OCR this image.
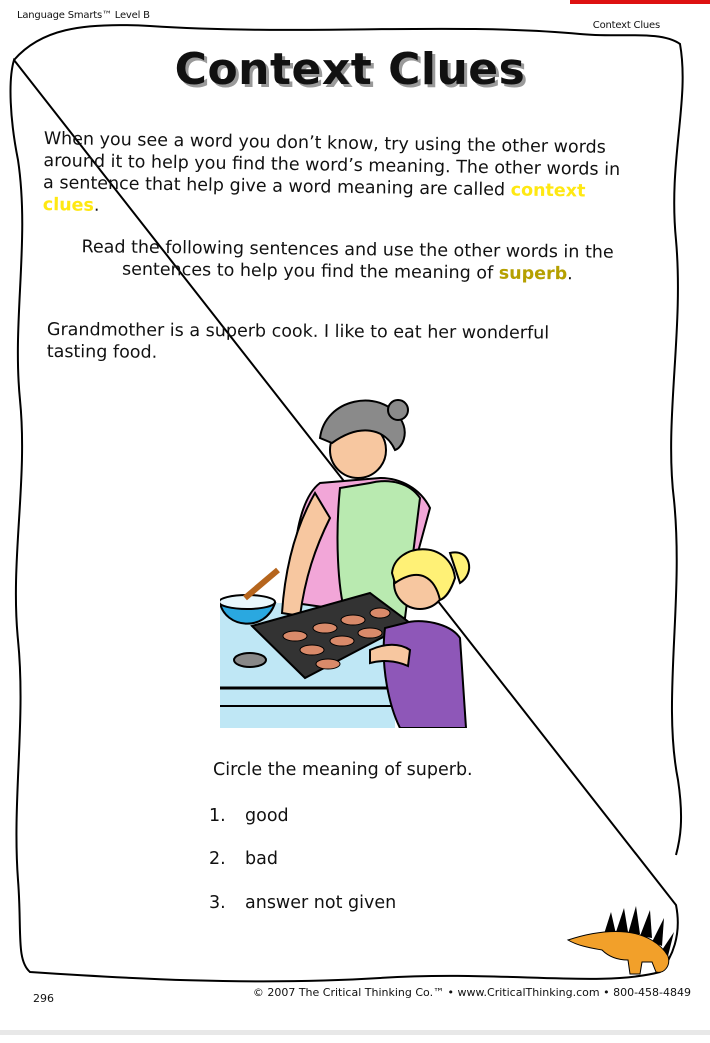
Language Smarts™ Level B
Context Clues
Context Clues
When you see a word you don’t know, try using the other words around it to help you find the word’s meaning. The other words in a sentence that help give a word meaning are called context clues.
Read the following sentences and use the other words in the sentences to help you find the meaning of superb.
Grandmother is a superb cook. I like to eat her wonderful tasting food.
Circle the meaning of superb.
1. good
2. bad
3. answer not given
296	© 2007 The Critical Thinking Co.™ • www.CriticalThinking.com • 800-458-4849
